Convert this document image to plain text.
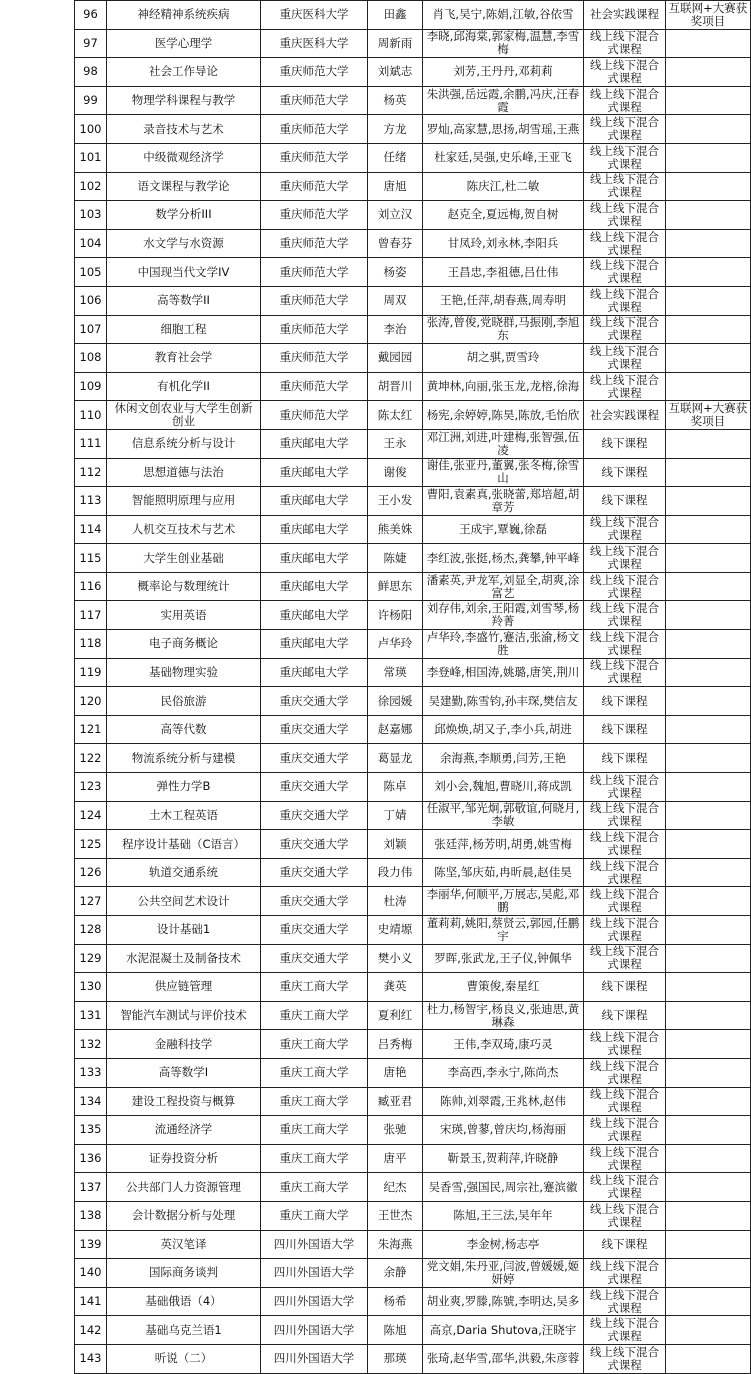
96	神经精神系统疾病	重庆医科大学	田鑫	肖飞,吴宁,陈娟,江敏,谷依雪	社会实践课程	互联网+大赛获奖项目
97	医学心理学	重庆医科大学	周新雨	李晓,邱海棠,郭家梅,温慧,李雪梅	线上线下混合式课程	
98	社会工作导论	重庆师范大学	刘斌志	刘芳,王丹丹,邓莉莉	线上线下混合式课程	
99	物理学科课程与教学	重庆师范大学	杨英	朱洪强,岳远霞,余鹏,冯庆,汪春霞	线上线下混合式课程	
100	录音技术与艺术	重庆师范大学	方龙	罗灿,高家慧,思扬,胡雪瑶,王燕	线上线下混合式课程	
101	中级微观经济学	重庆师范大学	任绪	杜家廷,吴强,史乐峰,王亚飞	线上线下混合式课程	
102	语文课程与教学论	重庆师范大学	唐旭	陈庆江,杜二敏	线上线下混合式课程	
103	数学分析III	重庆师范大学	刘立汉	赵克全,夏远梅,贺自树	线上线下混合式课程	
104	水文学与水资源	重庆师范大学	曾春芬	甘凤玲,刘永林,李阳兵	线上线下混合式课程	
105	中国现当代文学IV	重庆师范大学	杨姿	王昌忠,李祖德,吕仕伟	线上线下混合式课程	
106	高等数学II	重庆师范大学	周双	王艳,任萍,胡春燕,周寿明	线上线下混合式课程	
107	细胞工程	重庆师范大学	李治	张涛,曾俊,党晓群,马振刚,李旭东	线上线下混合式课程	
108	教育社会学	重庆师范大学	戴园园	胡之骐,贾雪玲	线上线下混合式课程	
109	有机化学II	重庆师范大学	胡晋川	黄坤林,向丽,张玉龙,龙榕,徐海	线上线下混合式课程	
110	休闲文创农业与大学生创新创业	重庆师范大学	陈太红	杨宪,余婷婷,陈昊,陈放,毛怡欣	社会实践课程	互联网+大赛获奖项目
111	信息系统分析与设计	重庆邮电大学	王永	邓江洲,刘进,叶建梅,张智强,伍凌	线下课程	
112	思想道德与法治	重庆邮电大学	谢俊	谢佳,张亚丹,董翼,张冬梅,徐雪山	线下课程	
113	智能照明原理与应用	重庆邮电大学	王小发	曹阳,袁素真,张晓蕾,郑培超,胡章芳	线下课程	
114	人机交互技术与艺术	重庆邮电大学	熊美姝	王成宇,覃巍,徐磊	线上线下混合式课程	
115	大学生创业基础	重庆邮电大学	陈婕	李红波,张挺,杨杰,龚攀,钟平峰	线上线下混合式课程	
116	概率论与数理统计	重庆邮电大学	鲜思东	潘素英,尹龙军,刘显全,胡爽,涂富艺	线上线下混合式课程	
117	实用英语	重庆邮电大学	许杨阳	刘存伟,刘余,王阳霞,刘雪琴,杨羚菁	线上线下混合式课程	
118	电子商务概论	重庆邮电大学	卢华玲	卢华玲,李盛竹,蹇洁,张渝,杨文胜	线上线下混合式课程	
119	基础物理实验	重庆邮电大学	常瑛	李登峰,相国涛,姚璐,唐笑,荆川	线上线下混合式课程	
120	民俗旅游	重庆交通大学	徐园媛	吴建勤,陈雪钧,孙丰琛,樊信友	线下课程	
121	高等代数	重庆交通大学	赵嘉娜	邱焕焕,胡又子,李小兵,胡进	线下课程	
122	物流系统分析与建模	重庆交通大学	葛显龙	余海燕,李顺勇,闫芳,王艳	线下课程	
123	弹性力学B	重庆交通大学	陈卓	刘小会,魏旭,曹晓川,蒋成凯	线上线下混合式课程	
124	土木工程英语	重庆交通大学	丁婧	任淑平,邹光炯,郭敬谊,何晓月,李敏	线上线下混合式课程	
125	程序设计基础（C语言）	重庆交通大学	刘颖	张廷萍,杨芳明,胡勇,姚雪梅	线上线下混合式课程	
126	轨道交通系统	重庆交通大学	段力伟	陈坚,邹庆茹,冉昕晨,赵佳昊	线上线下混合式课程	
127	公共空间艺术设计	重庆交通大学	杜涛	李丽华,何顺平,万展志,吴彪,邓鹏	线上线下混合式课程	
128	设计基础1	重庆交通大学	史靖塬	董莉莉,姚阳,蔡贤云,郭园,任鹏宇	线上线下混合式课程	
129	水泥混凝土及制备技术	重庆交通大学	樊小义	罗晖,张武龙,王子仪,钟佩华	线上线下混合式课程	
130	供应链管理	重庆工商大学	龚英	曹策俊,秦星红	线下课程	
131	智能汽车测试与评价技术	重庆工商大学	夏利红	杜力,杨智宇,杨良义,张迪思,黄琳森	线下课程	
132	金融科技学	重庆工商大学	吕秀梅	王伟,李双琦,康巧灵	线上线下混合式课程	
133	高等数学I	重庆工商大学	唐艳	李高西,李永宁,陈尚杰	线上线下混合式课程	
134	建设工程投资与概算	重庆工商大学	臧亚君	陈帅,刘翠霞,王兆林,赵伟	线上线下混合式课程	
135	流通经济学	重庆工商大学	张驰	宋瑛,曾蓼,曾庆均,杨海丽	线上线下混合式课程	
136	证券投资分析	重庆工商大学	唐平	靳景玉,贺莉萍,许晓静	线上线下混合式课程	
137	公共部门人力资源管理	重庆工商大学	纪杰	吴香雪,强国民,周宗社,蹇滨徽	线上线下混合式课程	
138	会计数据分析与处理	重庆工商大学	王世杰	陈旭,王三法,吴年年	线上线下混合式课程	
139	英汉笔译	四川外国语大学	朱海燕	李金树,杨志亭	线下课程	
140	国际商务谈判	四川外国语大学	余静	党文娟,朱丹亚,闫波,曾媛媛,姬妍婷	线上线下混合式课程	
141	基础俄语（4）	四川外国语大学	杨希	胡业爽,罗滕,陈號,李明达,吴多	线上线下混合式课程	
142	基础乌克兰语1	四川外国语大学	陈旭	高京,Daria Shutova,汪晓宇	线上线下混合式课程	
143	听说（二）	四川外国语大学	那瑛	张琦,赵华雪,邵华,洪毅,朱彦蓉	线上线下混合式课程	
